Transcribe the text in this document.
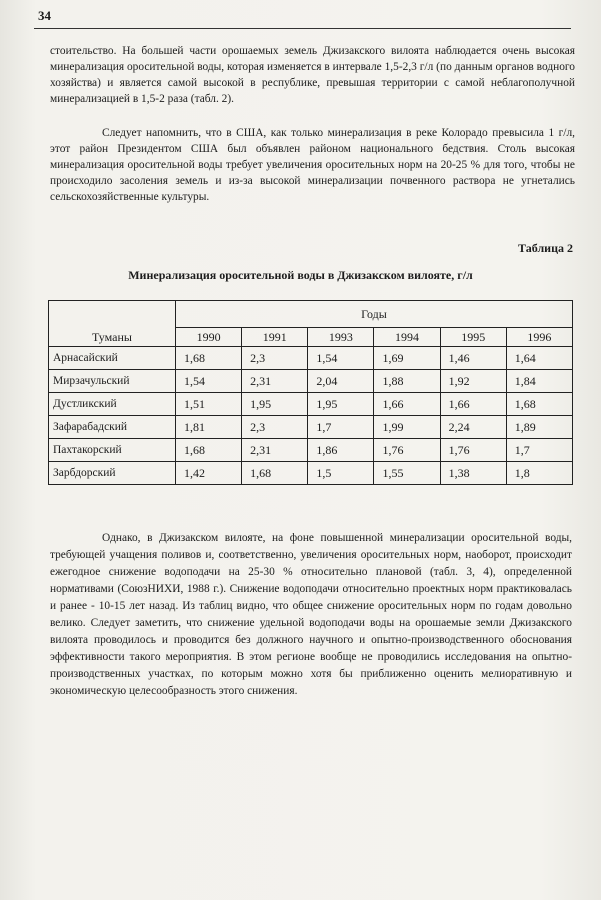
34

стоительство. На большей части орошаемых земель Джизакского вилоята наблюдается очень высокая минерализация оросительной воды, которая изменяется в интервале 1,5-2,3 г/л (по данным органов водного хозяйства) и является самой высокой в республике, превышая территории с самой неблагополучной минерализацией в 1,5-2 раза (табл. 2).

Следует напомнить, что в США, как только минерализация в реке Колорадо превысила 1 г/л, этот район Президентом США был объявлен районом национального бедствия. Столь высокая минерализация оросительной воды требует увеличения оросительных норм на 20-25 % для того, чтобы не происходило засоления земель и из-за высокой минерализации почвенного раствора не угнетались сельскохозяйственные культуры.

Таблица 2
Минерализация оросительной воды в Джизакском вилояте, г/л
Туманы	Годы					
	1990	1991	1993	1994	1995	1996
Арнасайский	1,68	2,3	1,54	1,69	1,46	1,64
Мирзачульский	1,54	2,31	2,04	1,88	1,92	1,84
Дустликский	1,51	1,95	1,95	1,66	1,66	1,68
Зафарабадский	1,81	2,3	1,7	1,99	2,24	1,89
Пахтакорский	1,68	2,31	1,86	1,76	1,76	1,7
Зарбдорский	1,42	1,68	1,5	1,55	1,38	1,8

Однако, в Джизакском вилояте, на фоне повышенной минерализации оросительной воды, требующей учащения поливов и, соответственно, увеличения оросительных норм, наоборот, происходит ежегодное снижение водоподачи на 25-30 % относительно плановой (табл. 3, 4), определенной нормативами (СоюзНИХИ, 1988 г.). Снижение водоподачи относительно проектных норм практиковалась и ранее - 10-15 лет назад. Из таблиц видно, что общее снижение оросительных норм по годам довольно велико. Следует заметить, что снижение удельной водоподачи воды на орошаемые земли Джизакского вилоята проводилось и проводится без должного научного и опытно-производственного обоснования эффективности такого мероприятия. В этом регионе вообще не проводились исследования на опытно-производственных участках, по которым можно хотя бы приближенно оценить мелиоративную и экономическую целесообразность этого снижения.
